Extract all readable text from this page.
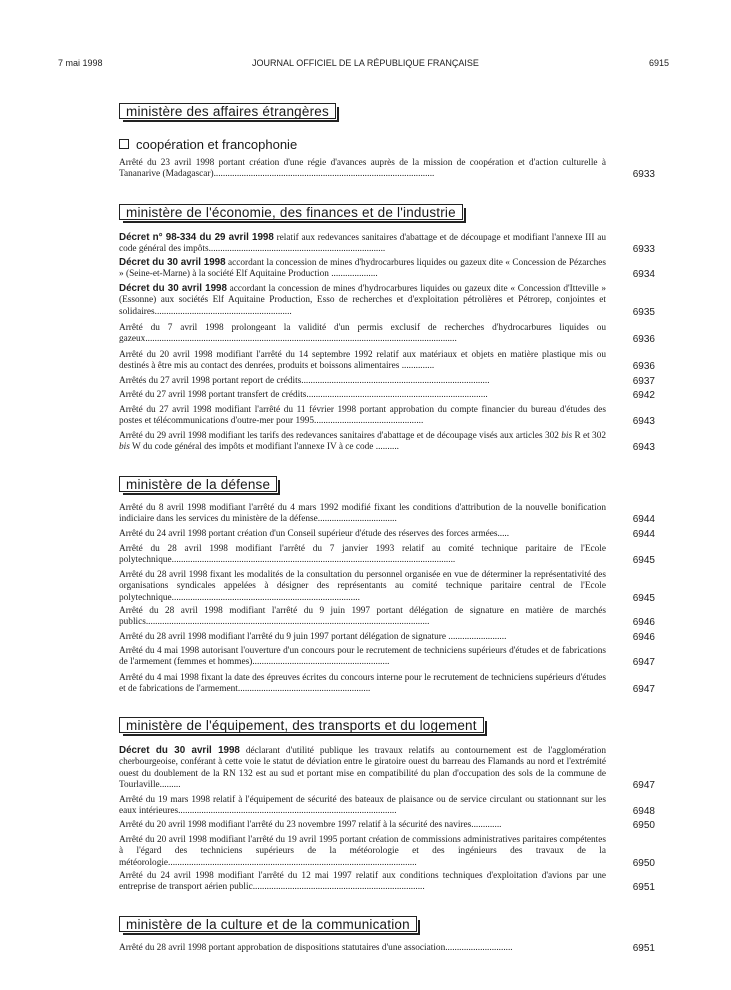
7 mai 1998	JOURNAL OFFICIEL DE LA RÉPUBLIQUE FRANÇAISE	6915
ministère des affaires étrangères
coopération et francophonie
Arrêté du 23 avril 1998 portant création d'une régie d'avances auprès de la mission de coopération et d'action culturelle à Tananarive (Madagascar)...............................................................................................	6933
ministère de l'économie, des finances et de l'industrie
Décret n° 98-334 du 29 avril 1998 relatif aux redevances sanitaires d'abattage et de découpage et modifiant l'annexe III au code général des impôts............................................................................	6933
Décret du 30 avril 1998 accordant la concession de mines d'hydrocarbures liquides ou gazeux dite « Concession de Pézarches » (Seine-et-Marne) à la société Elf Aquitaine Production ....................	6934
Décret du 30 avril 1998 accordant la concession de mines d'hydrocarbures liquides ou gazeux dite « Concession d'Itteville » (Essonne) aux sociétés Elf Aquitaine Production, Esso de recherches et d'exploitation pétrolières et Pétrorep, conjointes et solidaires...........................................................	6935
Arrêté du 7 avril 1998 prolongeant la validité d'un permis exclusif de recherches d'hydrocarbures liquides ou gazeux......................................................................................................................................	6936
Arrêté du 20 avril 1998 modifiant l'arrêté du 14 septembre 1992 relatif aux matériaux et objets en matière plastique mis ou destinés à être mis au contact des denrées, produits et boissons alimentaires ..............	6936
Arrêtés du 27 avril 1998 portant report de crédits.................................................................................	6937
Arrêté du 27 avril 1998 portant transfert de crédits..............................................................................	6942
Arrêté du 27 avril 1998 modifiant l'arrêté du 11 février 1998 portant approbation du compte financier du bureau d'études des postes et télécommunications d'outre-mer pour 1995...............................................	6943
Arrêté du 29 avril 1998 modifiant les tarifs des redevances sanitaires d'abattage et de découpage visés aux articles 302 bis R et 302 bis W du code général des impôts et modifiant l'annexe IV à ce code ..........	6943
ministère de la défense
Arrêté du 8 avril 1998 modifiant l'arrêté du 4 mars 1992 modifié fixant les conditions d'attribution de la nouvelle bonification indiciaire dans les services du ministère de la défense..................................	6944
Arrêté du 24 avril 1998 portant création d'un Conseil supérieur d'étude des réserves des forces armées.....	6944
Arrêté du 28 avril 1998 modifiant l'arrêté du 7 janvier 1993 relatif au comité technique paritaire de l'Ecole polytechnique..........................................................................................................................	6945
Arrêté du 28 avril 1998 fixant les modalités de la consultation du personnel organisée en vue de déterminer la représentativité des organisations syndicales appelées à désigner des représentants au comité technique paritaire central de l'Ecole polytechnique.................................................................................	6945
Arrêté du 28 avril 1998 modifiant l'arrêté du 9 juin 1997 portant délégation de signature en matière de marchés publics..........................................................................................................................	6946
Arrêté du 28 avril 1998 modifiant l'arrêté du 9 juin 1997 portant délégation de signature .........................	6946
Arrêté du 4 mai 1998 autorisant l'ouverture d'un concours pour le recrutement de techniciens supérieurs d'études et de fabrications de l'armement (femmes et hommes)...........................................................	6947
Arrêté du 4 mai 1998 fixant la date des épreuves écrites du concours interne pour le recrutement de techniciens supérieurs d'études et de fabrications de l'armement.........................................................	6947
ministère de l'équipement, des transports et du logement
Décret du 30 avril 1998 déclarant d'utilité publique les travaux relatifs au contournement est de l'agglomération cherbourgeoise, conférant à cette voie le statut de déviation entre le giratoire ouest du barreau des Flamands au nord et l'extrémité ouest du doublement de la RN 132 est au sud et portant mise en compatibilité du plan d'occupation des sols de la commune de Tourlaville.........	6947
Arrêté du 19 mars 1998 relatif à l'équipement de sécurité des bateaux de plaisance ou de service circulant ou stationnant sur les eaux intérieures..............................................................................................	6948
Arrêté du 20 avril 1998 modifiant l'arrêté du 23 novembre 1997 relatif à la sécurité des navires.............	6950
Arrêté du 20 avril 1998 modifiant l'arrêté du 19 avril 1995 portant création de commissions administratives paritaires compétentes à l'égard des techniciens supérieurs de la météorologie et des ingénieurs des travaux de la météorologie...........................................................................................................	6950
Arrêté du 24 avril 1998 modifiant l'arrêté du 12 mai 1997 relatif aux conditions techniques d'exploitation d'avions par une entreprise de transport aérien public..........................................................................	6951
ministère de la culture et de la communication
Arrêté du 28 avril 1998 portant approbation de dispositions statutaires d'une association.............................	6951
